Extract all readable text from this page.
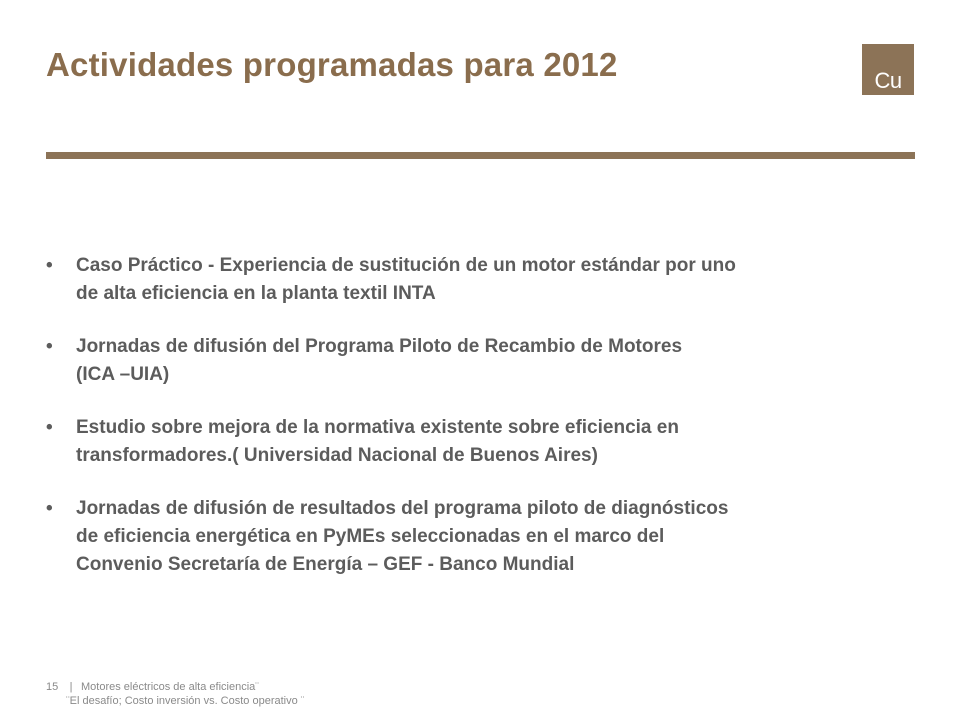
Actividades programadas para 2012	Cu
•	Caso Práctico - Experiencia de sustitución de un motor estándar por uno
de alta eficiencia en la planta textil INTA
•	Jornadas de difusión del Programa Piloto de Recambio de Motores
(ICA –UIA)
•	Estudio sobre mejora de la normativa existente sobre eficiencia en
transformadores.( Universidad Nacional de Buenos Aires)
•	Jornadas de difusión de resultados del programa piloto de diagnósticos
de eficiencia energética en PyMEs seleccionadas en el marco del
Convenio Secretaría de Energía – GEF - Banco Mundial
15 | Motores eléctricos de alta eficiencia¨
¨El desafío; Costo inversión vs. Costo operativo ¨
